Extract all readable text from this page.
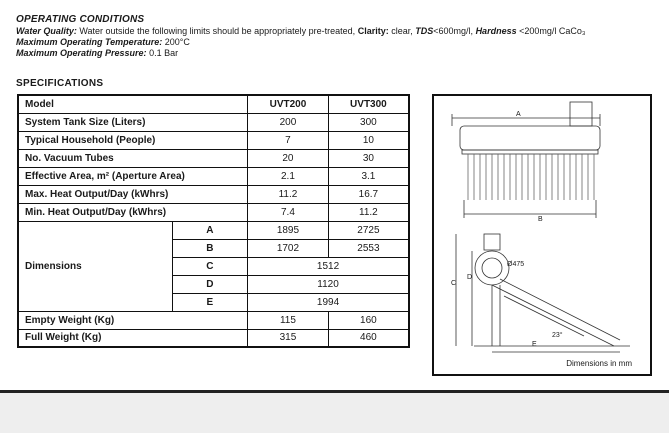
OPERATING CONDITIONS
Water Quality: Water outside the following limits should be appropriately pre-treated, Clarity: clear, TDS<600mg/l, Hardness <200mg/l CaCo₃
Maximum Operating Temperature: 200°C
Maximum Operating Pressure: 0.1 Bar
SPECIFICATIONS
Model		UVT200	UVT300
System Tank Size (Liters)		200	300
Typical Household (People)		7	10
No. Vacuum Tubes		20	30
Effective Area, m² (Aperture Area)		2.1	3.1
Max. Heat Output/Day (kWhrs)		11.2	16.7
Min. Heat Output/Day (kWhrs)		7.4	11.2
Dimensions	A	1895	2725
	B	1702	2553
	C	1512	
	D	1120	
	E	1994	
Empty Weight (Kg)		115	160
Full Weight (Kg)		315	460
A
B
C
D
E
Ø475
23°
Dimensions in mm
